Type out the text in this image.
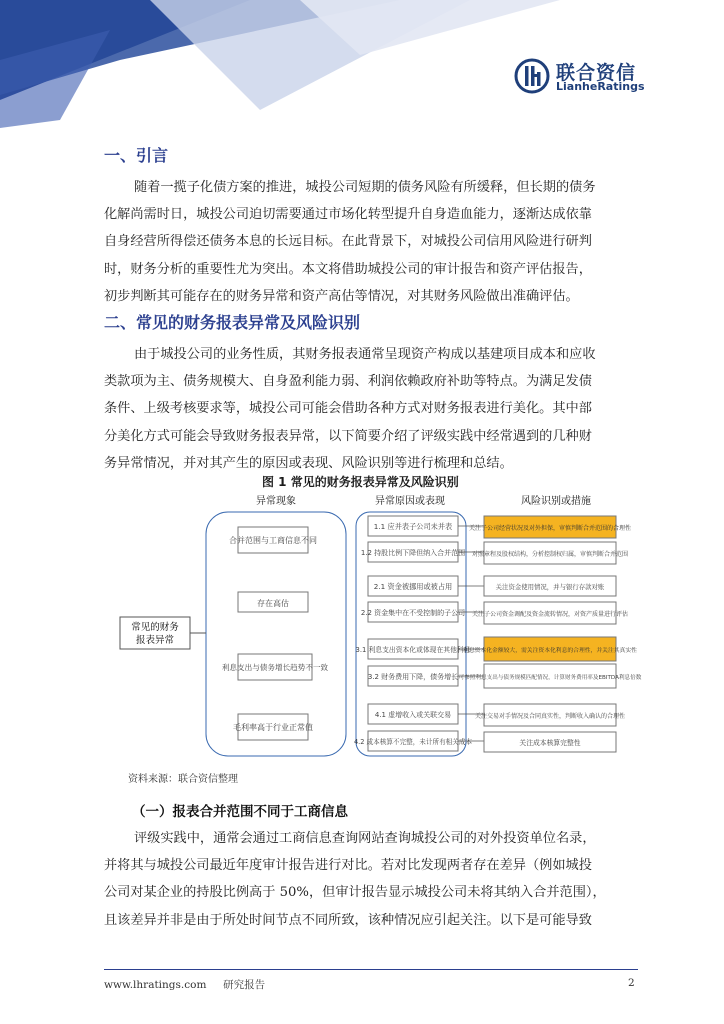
联合资信
LianheRatings
一、引言
随着一揽子化债方案的推进，城投公司短期的债务风险有所缓释，但长期的债务
化解尚需时日，城投公司迫切需要通过市场化转型提升自身造血能力，逐渐达成依靠
自身经营所得偿还债务本息的长远目标。在此背景下，对城投公司信用风险进行研判
时，财务分析的重要性尤为突出。本文将借助城投公司的审计报告和资产评估报告，
初步判断其可能存在的财务异常和资产高估等情况，对其财务风险做出准确评估。
二、常见的财务报表异常及风险识别
由于城投公司的业务性质，其财务报表通常呈现资产构成以基建项目成本和应收
类款项为主、债务规模大、自身盈利能力弱、利润依赖政府补助等特点。为满足发债
条件、上级考核要求等，城投公司可能会借助各种方式对财务报表进行美化。其中部
分美化方式可能会导致财务报表异常，以下简要介绍了评级实践中经常遇到的几种财
务异常情况，并对其产生的原因或表现、风险识别等进行梳理和总结。
图 1 常见的财务报表异常及风险识别
异常现象	异常原因或表现	风险识别或措施
常见的财务
报表异常
合并范围与工商信息不同
存在高估
利息支出与债务增长趋势不一致
毛利率高于行业正常值
1.1 应并表子公司未并表
1.2 持股比例下降但纳入合并范围
2.1 资金被挪用或被占用
2.2 资金集中在不受控制的子公司
3.1 利息支出资本化或体现在其他科目
3.2 财务费用下降，债务增长
4.1 虚增收入或关联交易
4.2 成本核算不完整，未计所有相关成本
关注子公司经营状况及对外担保，审慎判断合并范围的合理性
对照章程及股权结构，分析控制权归属，审慎判断合并范围
关注资金使用情况，并与银行存款对账
关注子公司资金调配及资金流转情况，对资产质量进行评估
利息资本化金额较大，需关注资本化利息的合理性，并关注其真实性
可参照利息支出与债务规模匹配情况，计算财务费用率及EBITDA利息倍数
关注交易对手情况及合同真实性，判断收入确认的合理性
关注成本核算完整性
资料来源：联合资信整理
（一）报表合并范围不同于工商信息
评级实践中，通常会通过工商信息查询网站查询城投公司的对外投资单位名录，
并将其与城投公司最近年度审计报告进行对比。若对比发现两者存在差异（例如城投
公司对某企业的持股比例高于 50%，但审计报告显示城投公司未将其纳入合并范围），
且该差异并非是由于所处时间节点不同所致，该种情况应引起关注。以下是可能导致
www.lhratings.com 研究报告	2
